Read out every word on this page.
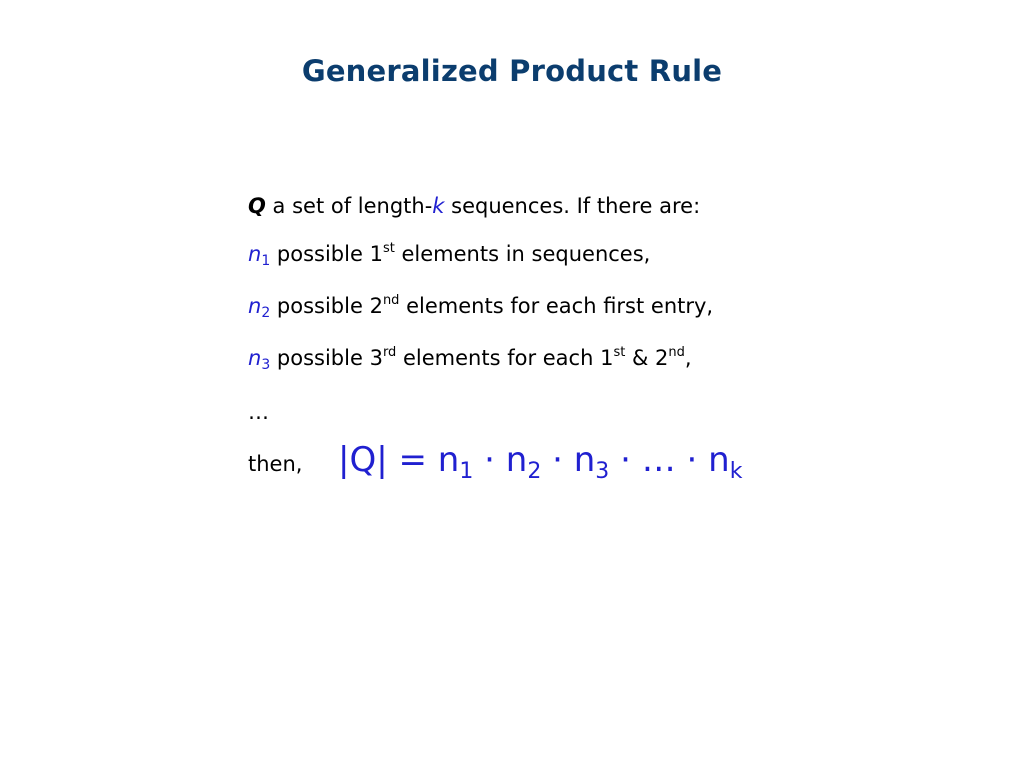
Generalized Product Rule
Q a set of length-k sequences. If there are:
$n_1$ possible 1st elements in sequences,
$n_2$ possible 2nd elements for each first entry,
$n_3$ possible 3rd elements for each 1st & 2nd,
…
then, $|Q| = n_1 \cdot n_2 \cdot n_3$ · … · $n_k$
